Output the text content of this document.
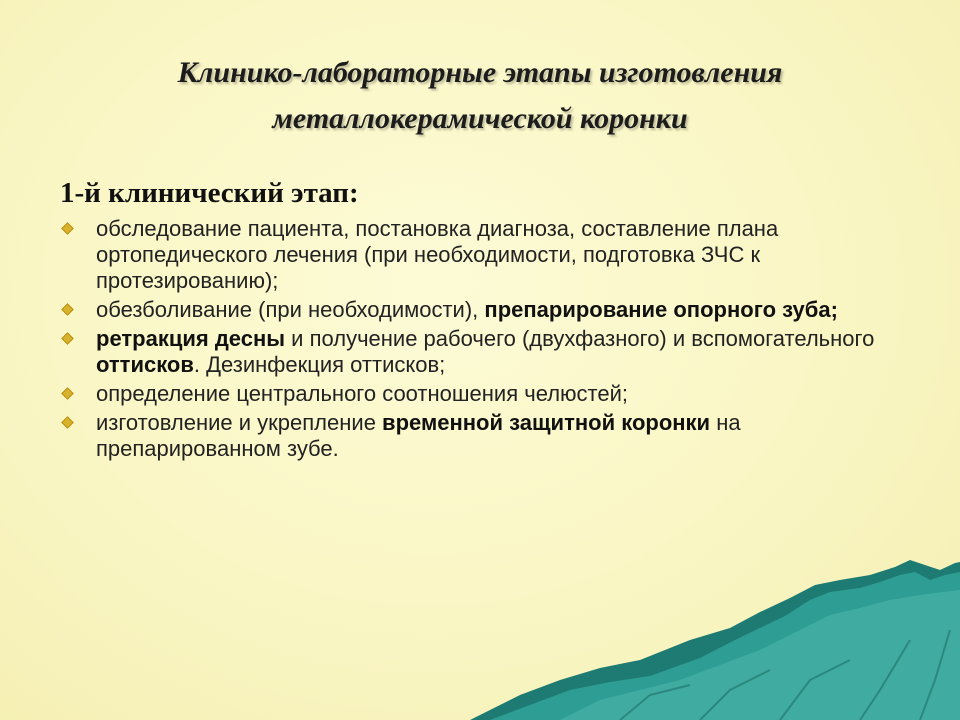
Клинико-лабораторные этапы изготовления
металлокерамической коронки
1-й клинический этап:
обследование пациента, постановка диагноза, составление плана ортопедического лечения (при необходимости, подготовка ЗЧС к протезированию);
обезболивание (при необходимости), препарирование опорного зуба;
ретракция десны и получение рабочего (двухфазного) и вспомогательного оттисков. Дезинфекция оттисков;
определение центрального соотношения челюстей;
изготовление и укрепление временной защитной коронки на препарированном зубе.
